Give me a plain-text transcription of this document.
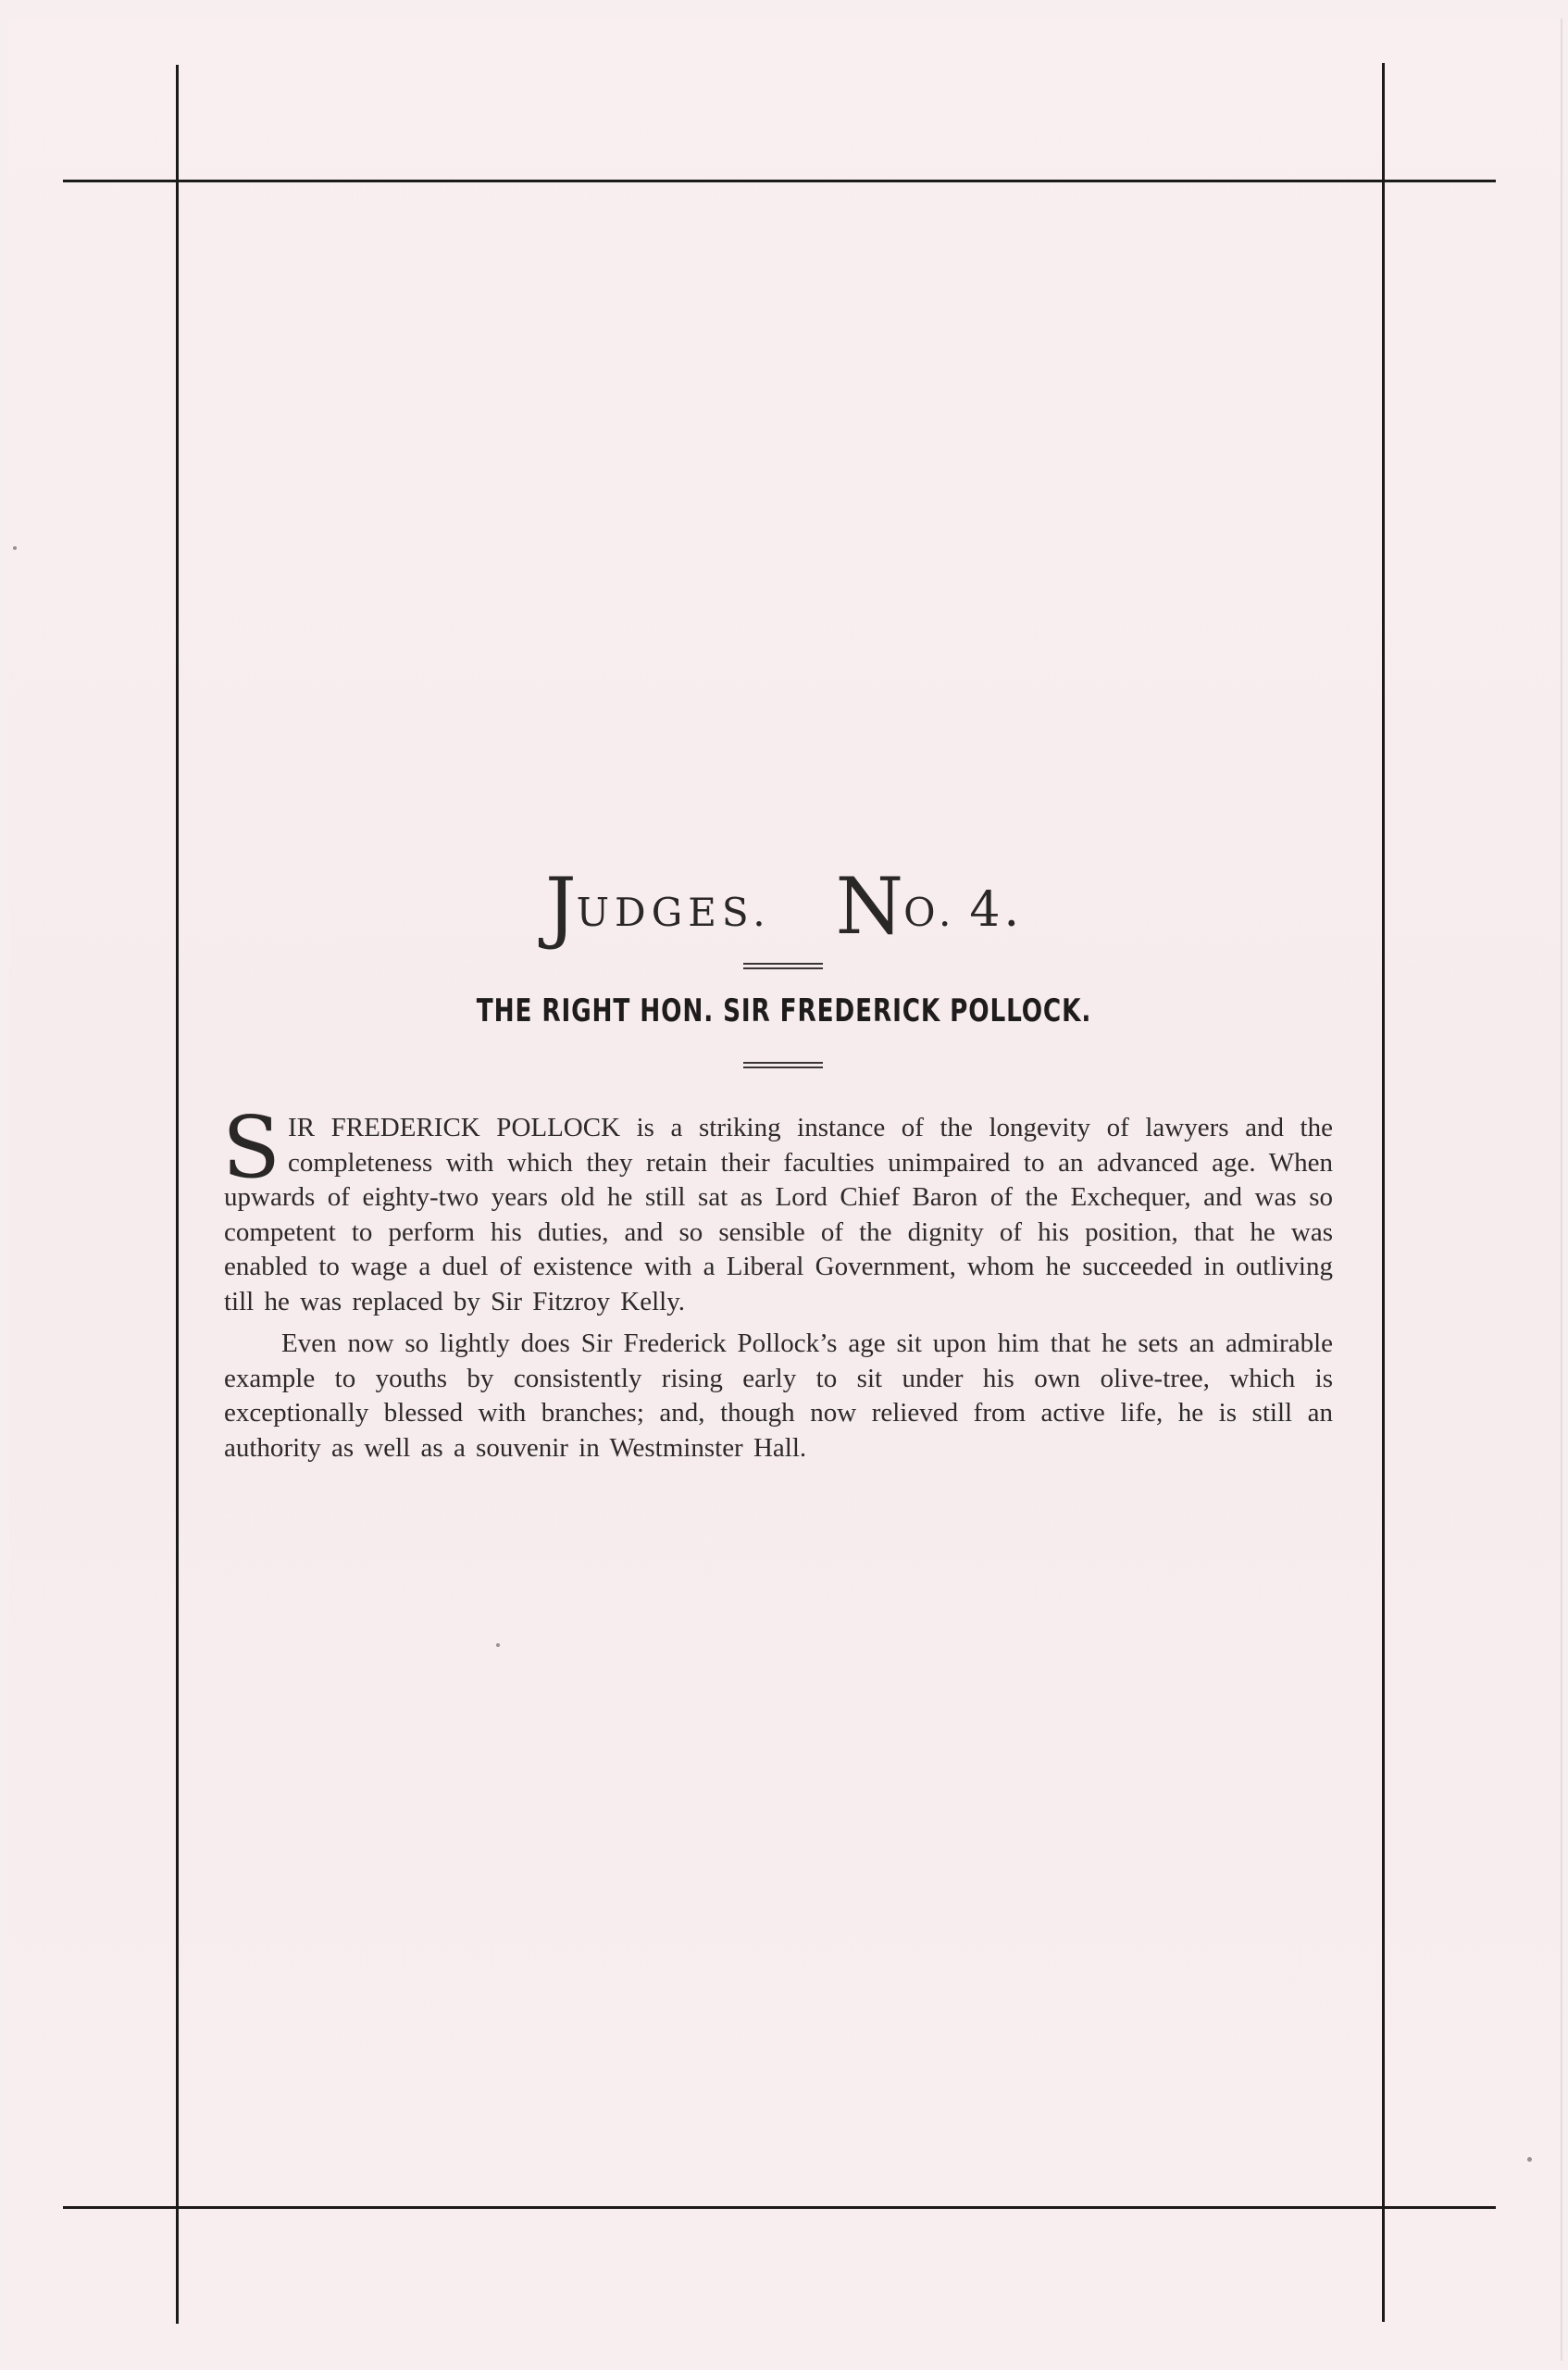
JUDGES. NO. 4.
THE RIGHT HON. SIR FREDERICK POLLOCK.

SIR FREDERICK POLLOCK is a striking instance of the longevity of lawyers and the completeness with which they retain their faculties unimpaired to an advanced age. When upwards of eighty-two years old he still sat as Lord Chief Baron of the Exchequer, and was so competent to perform his duties, and so sensible of the dignity of his position, that he was enabled to wage a duel of existence with a Liberal Government, whom he succeeded in outliving till he was replaced by Sir Fitzroy Kelly.

Even now so lightly does Sir Frederick Pollock’s age sit upon him that he sets an admirable example to youths by consistently rising early to sit under his own olive-tree, which is exceptionally blessed with branches; and, though now relieved from active life, he is still an authority as well as a souvenir in Westminster Hall.
